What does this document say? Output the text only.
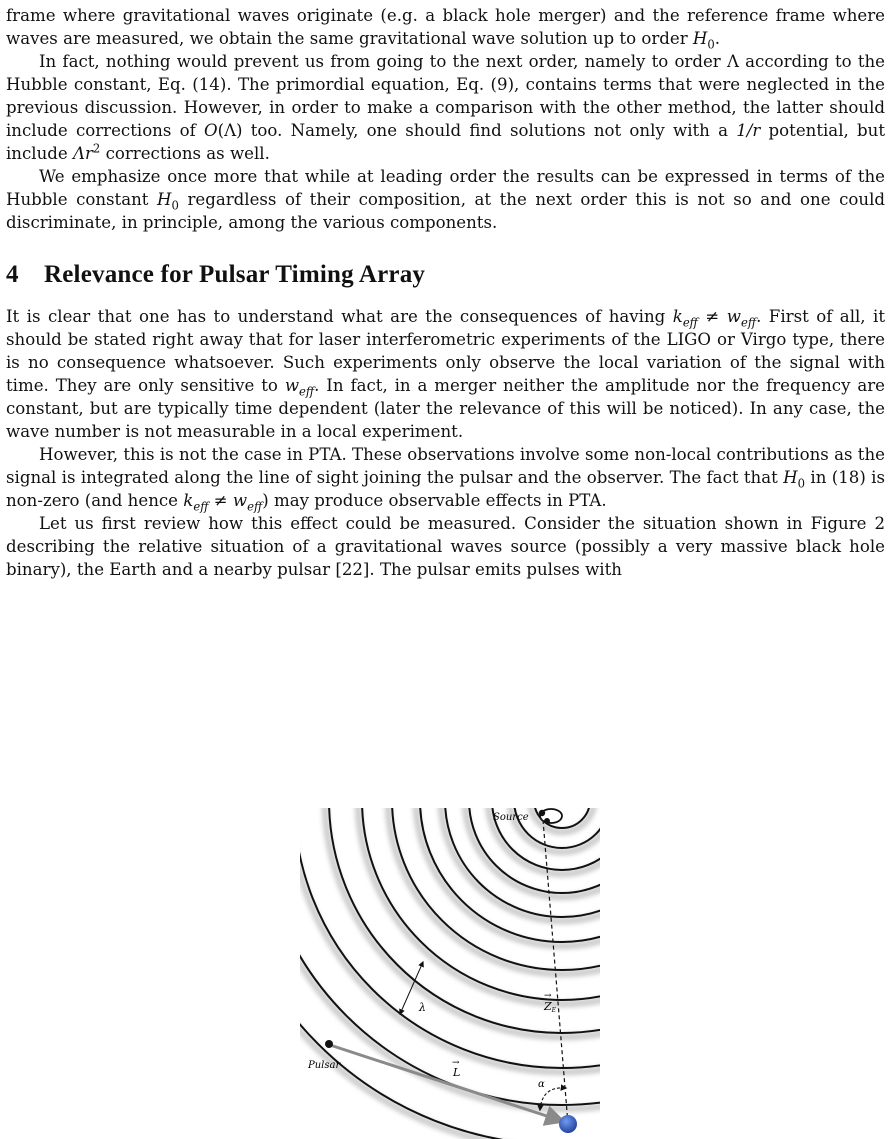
frame where gravitational waves originate (e.g. a black hole merger) and the reference frame where waves are measured, we obtain the same gravitational wave solution up to order $H_0$.

In fact, nothing would prevent us from going to the next order, namely to order Λ according to the Hubble constant, Eq. (14). The primordial equation, Eq. (9), contains terms that were neglected in the previous discussion. However, in order to make a comparison with the other method, the latter should include corrections of O(Λ) too. Namely, one should find solutions not only with a 1/r potential, but include $\Lambda r^2$ corrections as well.

We emphasize once more that while at leading order the results can be expressed in terms of the Hubble constant $H_0$ regardless of their composition, at the next order this is not so and one could discriminate, in principle, among the various components.

4 Relevance for Pulsar Timing Array

It is clear that one has to understand what are the consequences of having $k_{eff} \ne w_{eff}$. First of all, it should be stated right away that for laser interferometric experiments of the LIGO or Virgo type, there is no consequence whatsoever. Such experiments only observe the local variation of the signal with time. They are only sensitive to $w_{eff}$. In fact, in a merger neither the amplitude nor the frequency are constant, but are typically time dependent (later the relevance of this will be noticed). In any case, the wave number is not measurable in a local experiment.

However, this is not the case in PTA. These observations involve some non-local contributions as the signal is integrated along the line of sight joining the pulsar and the observer. The fact that $H_0$ in (18) is non-zero (and hence $k_{eff} \ne w_{eff}$) may produce observable effects in PTA.

Let us first review how this effect could be measured. Consider the situation shown in Figure 2 describing the relative situation of a gravitational waves source (possibly a very massive black hole binary), the Earth and a nearby pulsar [22]. The pulsar emits pulses with

Source
Pulsar
λ	ZE
→
L
→
α
